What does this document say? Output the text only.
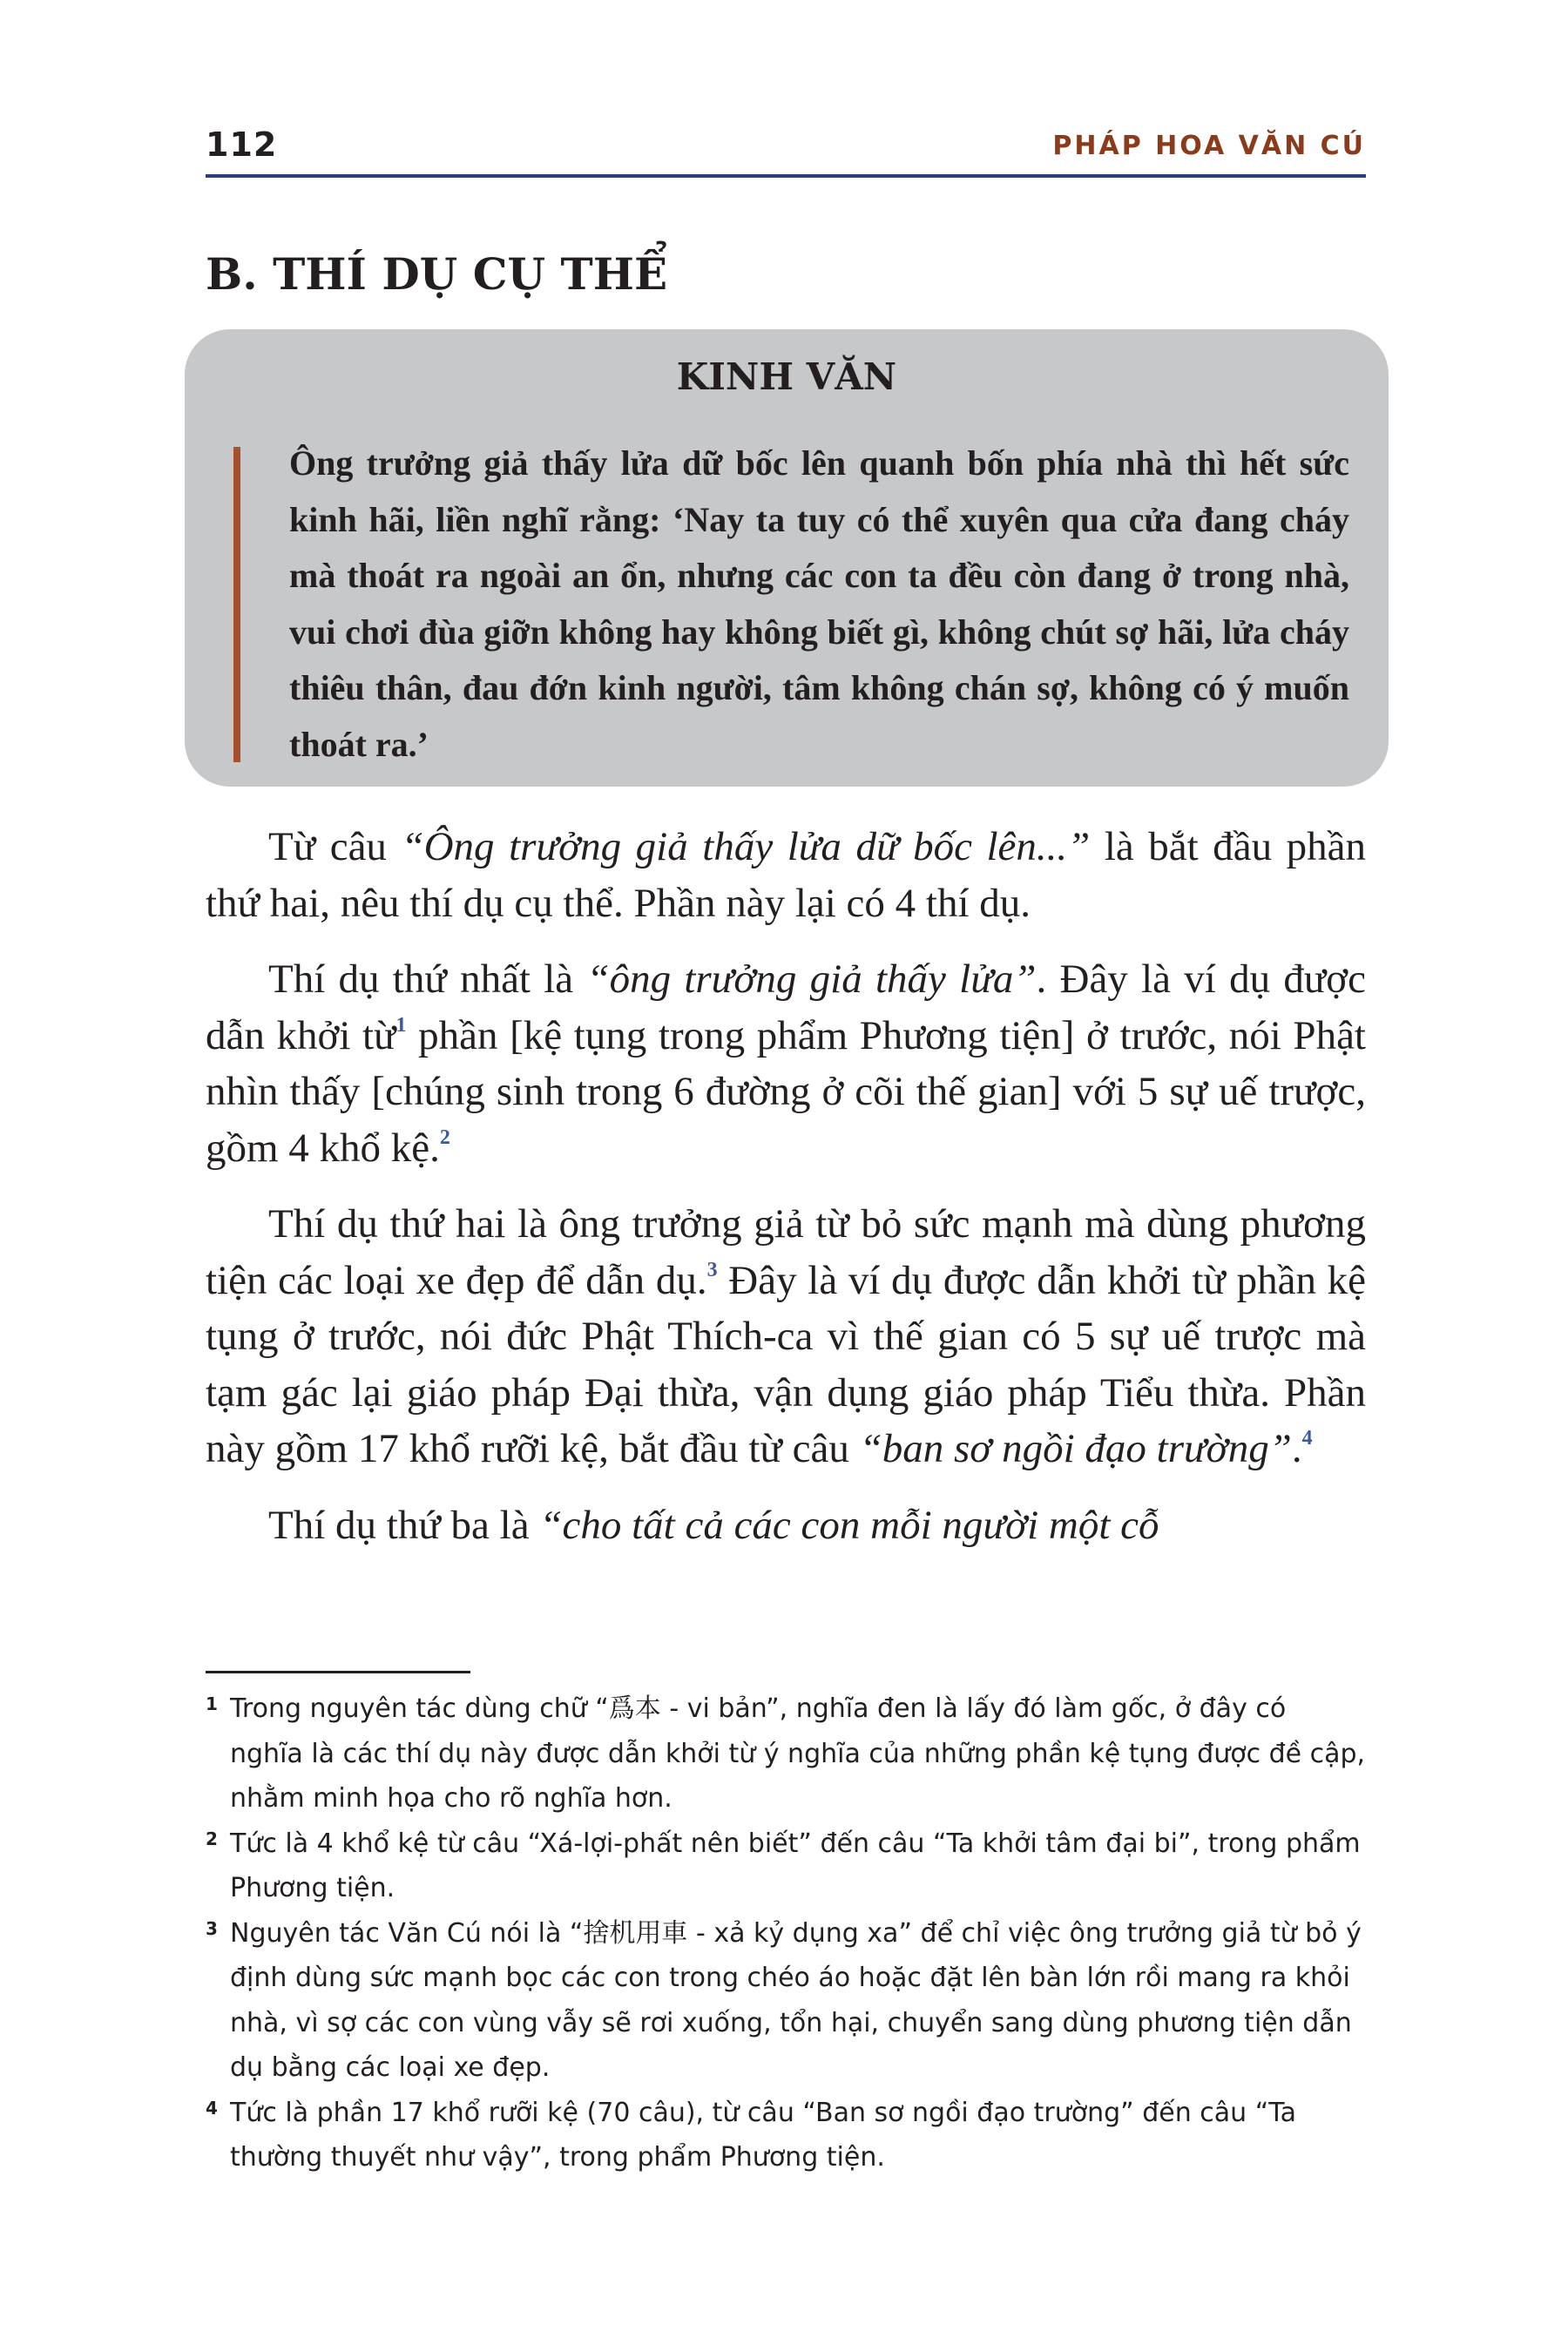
112	PHÁP HOA VĂN CÚ
B. THÍ DỤ CỤ THỂ
KINH VĂN

Ông trưởng giả thấy lửa dữ bốc lên quanh bốn phía nhà thì hết sức kinh hãi, liền nghĩ rằng: ‘Nay ta tuy có thể xuyên qua cửa đang cháy mà thoát ra ngoài an ổn, nhưng các con ta đều còn đang ở trong nhà, vui chơi đùa giỡn không hay không biết gì, không chút sợ hãi, lửa cháy thiêu thân, đau đớn kinh người, tâm không chán sợ, không có ý muốn thoát ra.’

Từ câu “Ông trưởng giả thấy lửa dữ bốc lên...” là bắt đầu phần thứ hai, nêu thí dụ cụ thể. Phần này lại có 4 thí dụ.

Thí dụ thứ nhất là “ông trưởng giả thấy lửa”. Đây là ví dụ được dẫn khởi từ$^1$ phần [kệ tụng trong phẩm Phương tiện] ở trước, nói Phật nhìn thấy [chúng sinh trong 6 đường ở cõi thế gian] với 5 sự uế trược, gồm 4 khổ kệ.$^2$

Thí dụ thứ hai là ông trưởng giả từ bỏ sức mạnh mà dùng phương tiện các loại xe đẹp để dẫn dụ.$^3$ Đây là ví dụ được dẫn khởi từ phần kệ tụng ở trước, nói đức Phật Thích-ca vì thế gian có 5 sự uế trược mà tạm gác lại giáo pháp Đại thừa, vận dụng giáo pháp Tiểu thừa. Phần này gồm 17 khổ rưỡi kệ, bắt đầu từ câu “ban sơ ngồi đạo trường”.$^4$

Thí dụ thứ ba là “cho tất cả các con mỗi người một cỗ

1 Trong nguyên tác dùng chữ “爲本 - vi bản”, nghĩa đen là lấy đó làm gốc, ở đây có nghĩa là các thí dụ này được dẫn khởi từ ý nghĩa của những phần kệ tụng được đề cập, nhằm minh họa cho rõ nghĩa hơn.

2 Tức là 4 khổ kệ từ câu “Xá-lợi-phất nên biết” đến câu “Ta khởi tâm đại bi”, trong phẩm Phương tiện.

3 Nguyên tác Văn Cú nói là “捨机用車 - xả kỷ dụng xa” để chỉ việc ông trưởng giả từ bỏ ý định dùng sức mạnh bọc các con trong chéo áo hoặc đặt lên bàn lớn rồi mang ra khỏi nhà, vì sợ các con vùng vẫy sẽ rơi xuống, tổn hại, chuyển sang dùng phương tiện dẫn dụ bằng các loại xe đẹp.

4 Tức là phần 17 khổ rưỡi kệ (70 câu), từ câu “Ban sơ ngồi đạo trường” đến câu “Ta thường thuyết như vậy”, trong phẩm Phương tiện.
